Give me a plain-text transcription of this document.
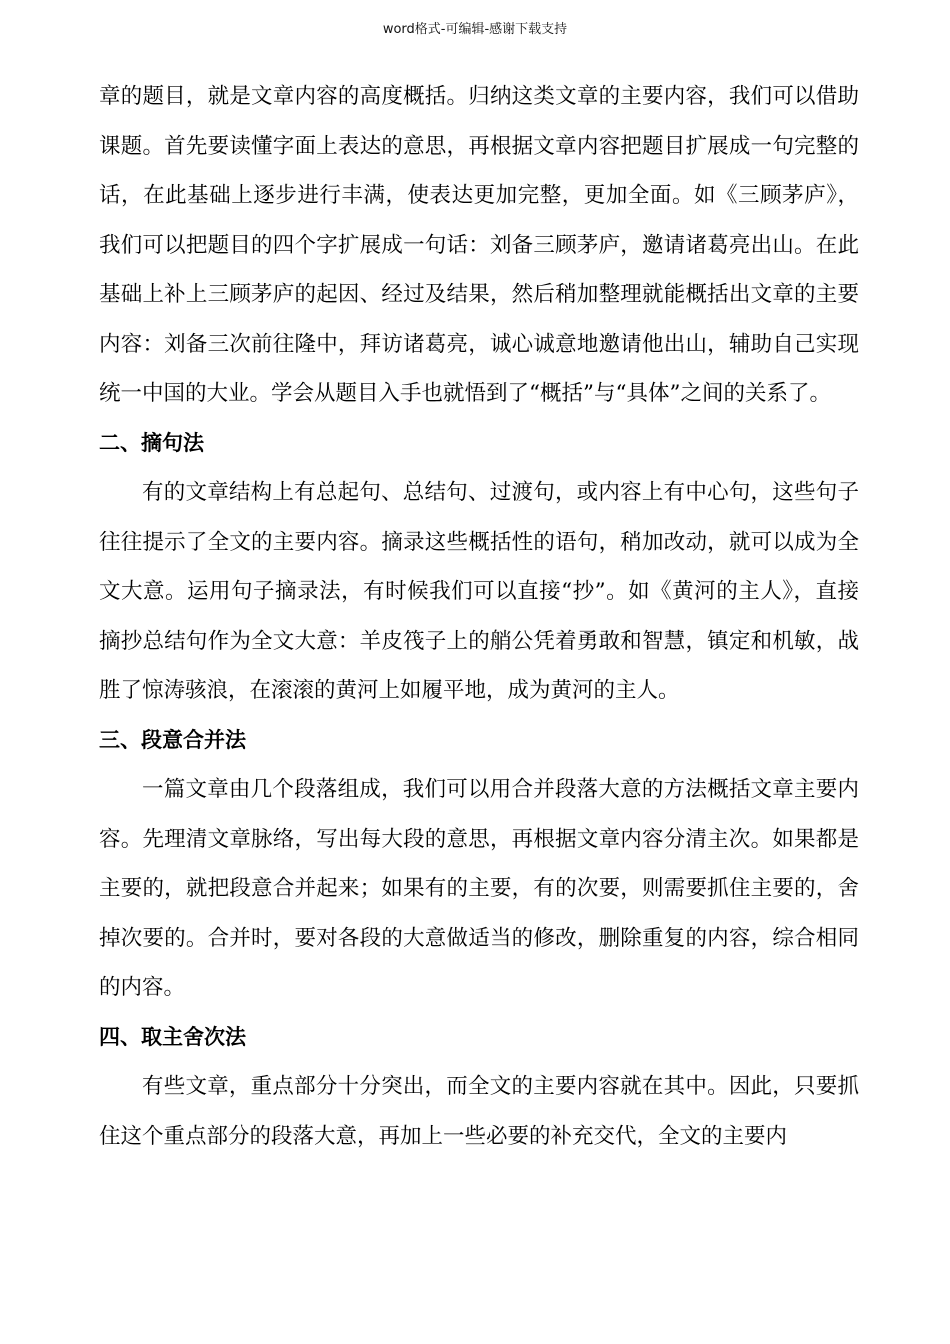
word格式-可编辑-感谢下载支持

章的题目，就是文章内容的高度概括。归纳这类文章的主要内容，我们可以借助课题。首先要读懂字面上表达的意思，再根据文章内容把题目扩展成一句完整的话，在此基础上逐步进行丰满，使表达更加完整，更加全面。如《三顾茅庐》，我们可以把题目的四个字扩展成一句话：刘备三顾茅庐，邀请诸葛亮出山。在此基础上补上三顾茅庐的起因、经过及结果，然后稍加整理就能概括出文章的主要内容：刘备三次前往隆中，拜访诸葛亮，诚心诚意地邀请他出山，辅助自己实现统一中国的大业。学会从题目入手也就悟到了“概括”与“具体”之间的关系了。

二、摘句法

有的文章结构上有总起句、总结句、过渡句，或内容上有中心句，这些句子往往提示了全文的主要内容。摘录这些概括性的语句，稍加改动，就可以成为全文大意。运用句子摘录法，有时候我们可以直接“抄”。如《黄河的主人》，直接摘抄总结句作为全文大意：羊皮筏子上的艄公凭着勇敢和智慧，镇定和机敏，战胜了惊涛骇浪，在滚滚的黄河上如履平地，成为黄河的主人。

三、段意合并法

一篇文章由几个段落组成，我们可以用合并段落大意的方法概括文章主要内容。先理清文章脉络，写出每大段的意思，再根据文章内容分清主次。如果都是主要的，就把段意合并起来；如果有的主要，有的次要，则需要抓住主要的，舍掉次要的。合并时，要对各段的大意做适当的修改，删除重复的内容，综合相同的内容。

四、取主舍次法

有些文章，重点部分十分突出，而全文的主要内容就在其中。因此，只要抓住这个重点部分的段落大意，再加上一些必要的补充交代，全文的主要内
